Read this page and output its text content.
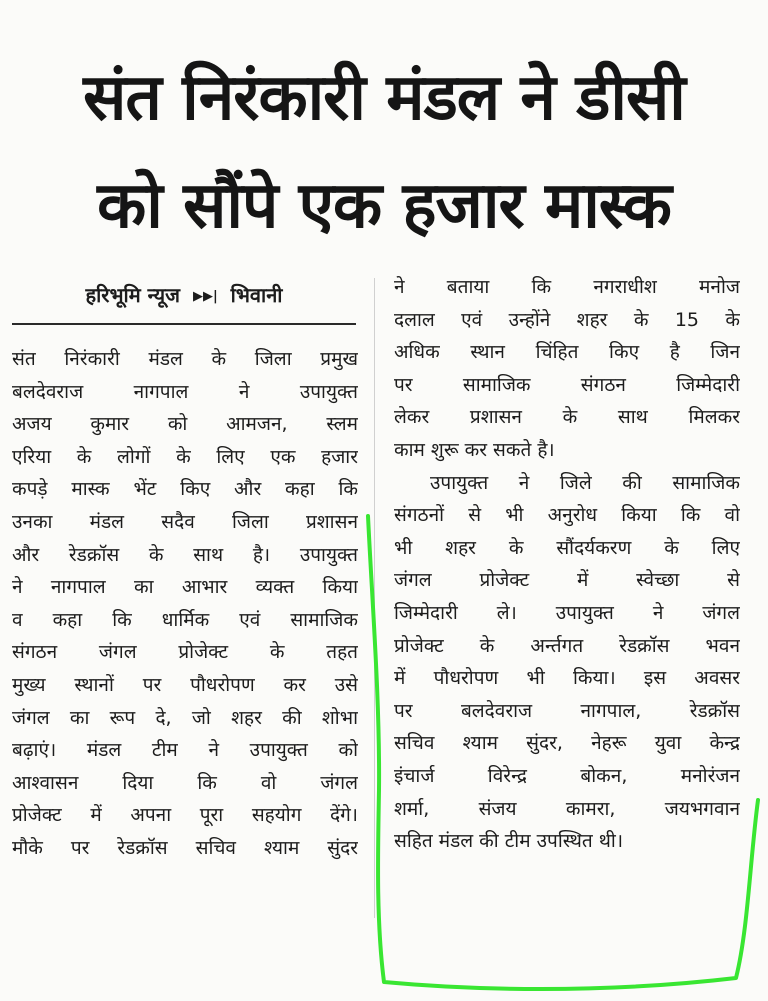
संत निरंकारी मंडल ने डीसी
को सौंपे एक हजार मास्क
हरिभूमि न्यूज ▶▶| भिवानी
संत निरंकारी मंडल के जिला प्रमुख
बलदेवराज नागपाल ने उपायुक्त
अजय कुमार को आमजन, स्लम
एरिया के लोगों के लिए एक हजार
कपड़े मास्क भेंट किए और कहा कि
उनका मंडल सदैव जिला प्रशासन
और रेडक्रॉस के साथ है। उपायुक्त
ने नागपाल का आभार व्यक्त किया
व कहा कि धार्मिक एवं सामाजिक
संगठन जंगल प्रोजेक्ट के तहत
मुख्य स्थानों पर पौधरोपण कर उसे
जंगल का रूप दे, जो शहर की शोभा
बढ़ाएं। मंडल टीम ने उपायुक्त को
आश्वासन दिया कि वो जंगल
प्रोजेक्ट में अपना पूरा सहयोग देंगे।
मौके पर रेडक्रॉस सचिव श्याम सुंदर
ने बताया कि नगराधीश मनोज
दलाल एवं उन्होंने शहर के 15 के
अधिक स्थान चिंहित किए है जिन
पर सामाजिक संगठन जिम्मेदारी
लेकर प्रशासन के साथ मिलकर
काम शुरू कर सकते है।
उपायुक्त ने जिले की सामाजिक
संगठनों से भी अनुरोध किया कि वो
भी शहर के सौंदर्यकरण के लिए
जंगल प्रोजेक्ट में स्वेच्छा से
जिम्मेदारी ले। उपायुक्त ने जंगल
प्रोजेक्ट के अर्न्तगत रेडक्रॉस भवन
में पौधरोपण भी किया। इस अवसर
पर बलदेवराज नागपाल, रेडक्रॉस
सचिव श्याम सुंदर, नेहरू युवा केन्द्र
इंचार्ज विरेन्द्र बोकन, मनोरंजन
शर्मा, संजय कामरा, जयभगवान
सहित मंडल की टीम उपस्थित थी।
